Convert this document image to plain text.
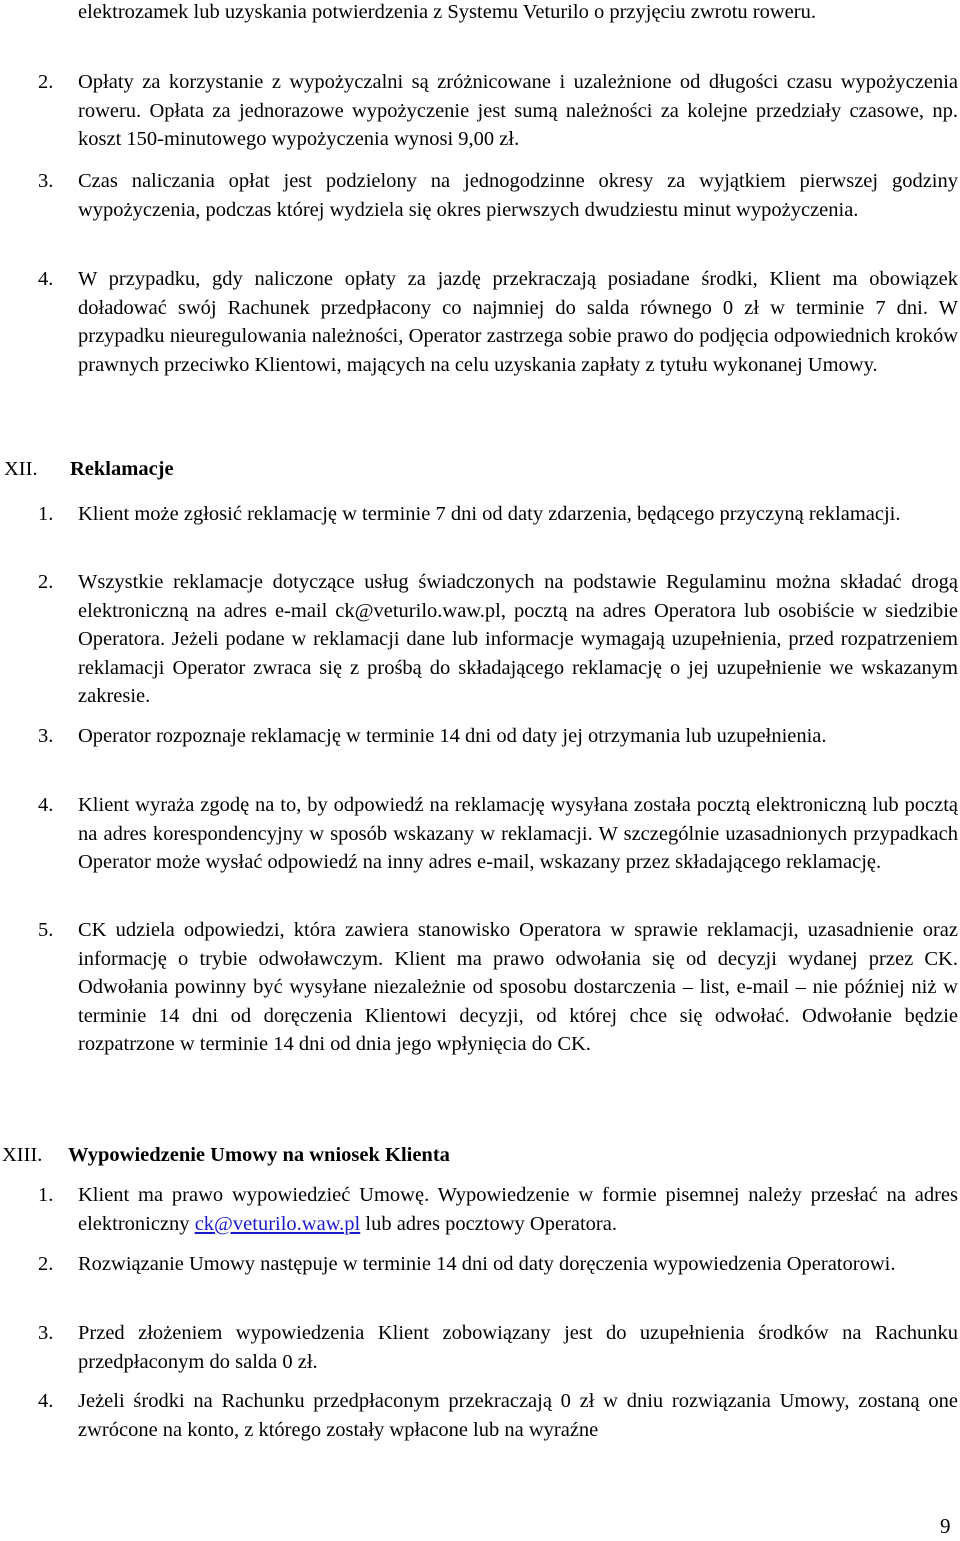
elektrozamek lub uzyskania potwierdzenia z Systemu Veturilo o przyjęciu zwrotu roweru.
2.	Opłaty za korzystanie z wypożyczalni są zróżnicowane i uzależnione od długości czasu wypożyczenia roweru. Opłata za jednorazowe wypożyczenie jest sumą należności za kolejne przedziały czasowe, np. koszt 150-minutowego wypożyczenia wynosi 9,00 zł.
3.	Czas naliczania opłat jest podzielony na jednogodzinne okresy za wyjątkiem pierwszej godziny wypożyczenia, podczas której wydziela się okres pierwszych dwudziestu minut wypożyczenia.
4.	W przypadku, gdy naliczone opłaty za jazdę przekraczają posiadane środki, Klient ma obowiązek doładować swój Rachunek przedpłacony co najmniej do salda równego 0 zł w terminie 7 dni. W przypadku nieuregulowania należności, Operator zastrzega sobie prawo do podjęcia odpowiednich kroków prawnych przeciwko Klientowi, mających na celu uzyskania zapłaty z tytułu wykonanej Umowy.
XII. Reklamacje
1.	Klient może zgłosić reklamację w terminie 7 dni od daty zdarzenia, będącego przyczyną reklamacji.
2.	Wszystkie reklamacje dotyczące usług świadczonych na podstawie Regulaminu można składać drogą elektroniczną na adres e-mail ck@veturilo.waw.pl, pocztą na adres Operatora lub osobiście w siedzibie Operatora. Jeżeli podane w reklamacji dane lub informacje wymagają uzupełnienia, przed rozpatrzeniem reklamacji Operator zwraca się z prośbą do składającego reklamację o jej uzupełnienie we wskazanym zakresie.
3.	Operator rozpoznaje reklamację w terminie 14 dni od daty jej otrzymania lub uzupełnienia.
4.	Klient wyraża zgodę na to, by odpowiedź na reklamację wysyłana została pocztą elektroniczną lub pocztą na adres korespondencyjny w sposób wskazany w reklamacji. W szczególnie uzasadnionych przypadkach Operator może wysłać odpowiedź na inny adres e-mail, wskazany przez składającego reklamację.
5.	CK udziela odpowiedzi, która zawiera stanowisko Operatora w sprawie reklamacji, uzasadnienie oraz informację o trybie odwoławczym. Klient ma prawo odwołania się od decyzji wydanej przez CK. Odwołania powinny być wysyłane niezależnie od sposobu dostarczenia – list, e-mail – nie później niż w terminie 14 dni od doręczenia Klientowi decyzji, od której chce się odwołać. Odwołanie będzie rozpatrzone w terminie 14 dni od dnia jego wpłynięcia do CK.
XIII. Wypowiedzenie Umowy na wniosek Klienta
1.	Klient ma prawo wypowiedzieć Umowę. Wypowiedzenie w formie pisemnej należy przesłać na adres elektroniczny ck@veturilo.waw.pl lub adres pocztowy Operatora.
2.	Rozwiązanie Umowy następuje w terminie 14 dni od daty doręczenia wypowiedzenia Operatorowi.
3.	Przed złożeniem wypowiedzenia Klient zobowiązany jest do uzupełnienia środków na Rachunku przedpłaconym do salda 0 zł.
4.	Jeżeli środki na Rachunku przedpłaconym przekraczają 0 zł w dniu rozwiązania Umowy, zostaną one zwrócone na konto, z którego zostały wpłacone lub na wyraźne
9
